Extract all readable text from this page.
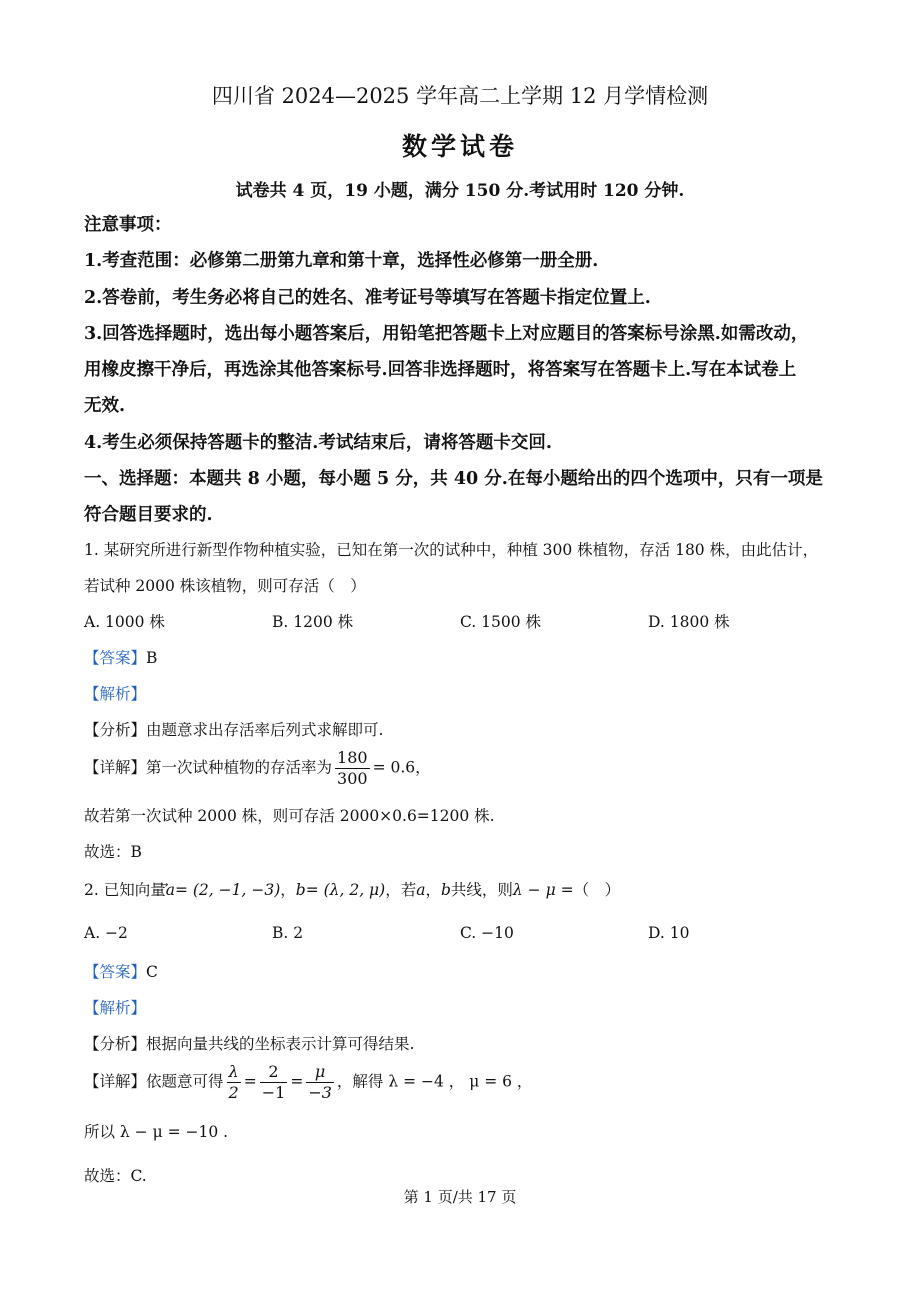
四川省 2024—2025 学年高二上学期 12 月学情检测
数学试卷
试卷共 4 页，19 小题，满分 150 分.考试用时 120 分钟.
注意事项：
1.考查范围：必修第二册第九章和第十章，选择性必修第一册全册.
2.答卷前，考生务必将自己的姓名、准考证号等填写在答题卡指定位置上.
3.回答选择题时，选出每小题答案后，用铅笔把答题卡上对应题目的答案标号涂黑.如需改动，
用橡皮擦干净后，再选涂其他答案标号.回答非选择题时，将答案写在答题卡上.写在本试卷上
无效.
4.考生必须保持答题卡的整洁.考试结束后，请将答题卡交回.
一、选择题：本题共 8 小题，每小题 5 分，共 40 分.在每小题给出的四个选项中，只有一项是
符合题目要求的.
1. 某研究所进行新型作物种植实验，已知在第一次的试种中，种植 300 株植物，存活 180 株，由此估计，
若试种 2000 株该植物，则可存活（　）
A. 1000 株	B. 1200 株	C. 1500 株	D. 1800 株
【答案】B
【解析】
【分析】由题意求出存活率后列式求解即可.
【详解】第一次试种植物的存活率为 $\frac{180}{300} = 0.6$，
故若第一次试种 2000 株，则可存活 2000×0.6=1200 株.
故选：B
2. 已知向量a= (2, −1, −3)，b= (λ, 2, μ)，若a，b共线，则λ − μ =（　）
A. −2	B. 2	C. −10	D. 10
【答案】C
【解析】
【分析】根据向量共线的坐标表示计算可得结果.
【详解】依题意可得 $\frac{\lambda}{2} = \frac{2}{-1} = \frac{\mu}{-3}$ ，解得 λ = −4 ， μ = 6 ，
所以 λ − μ = −10 .
故选：C.
第 1 页/共 17 页
